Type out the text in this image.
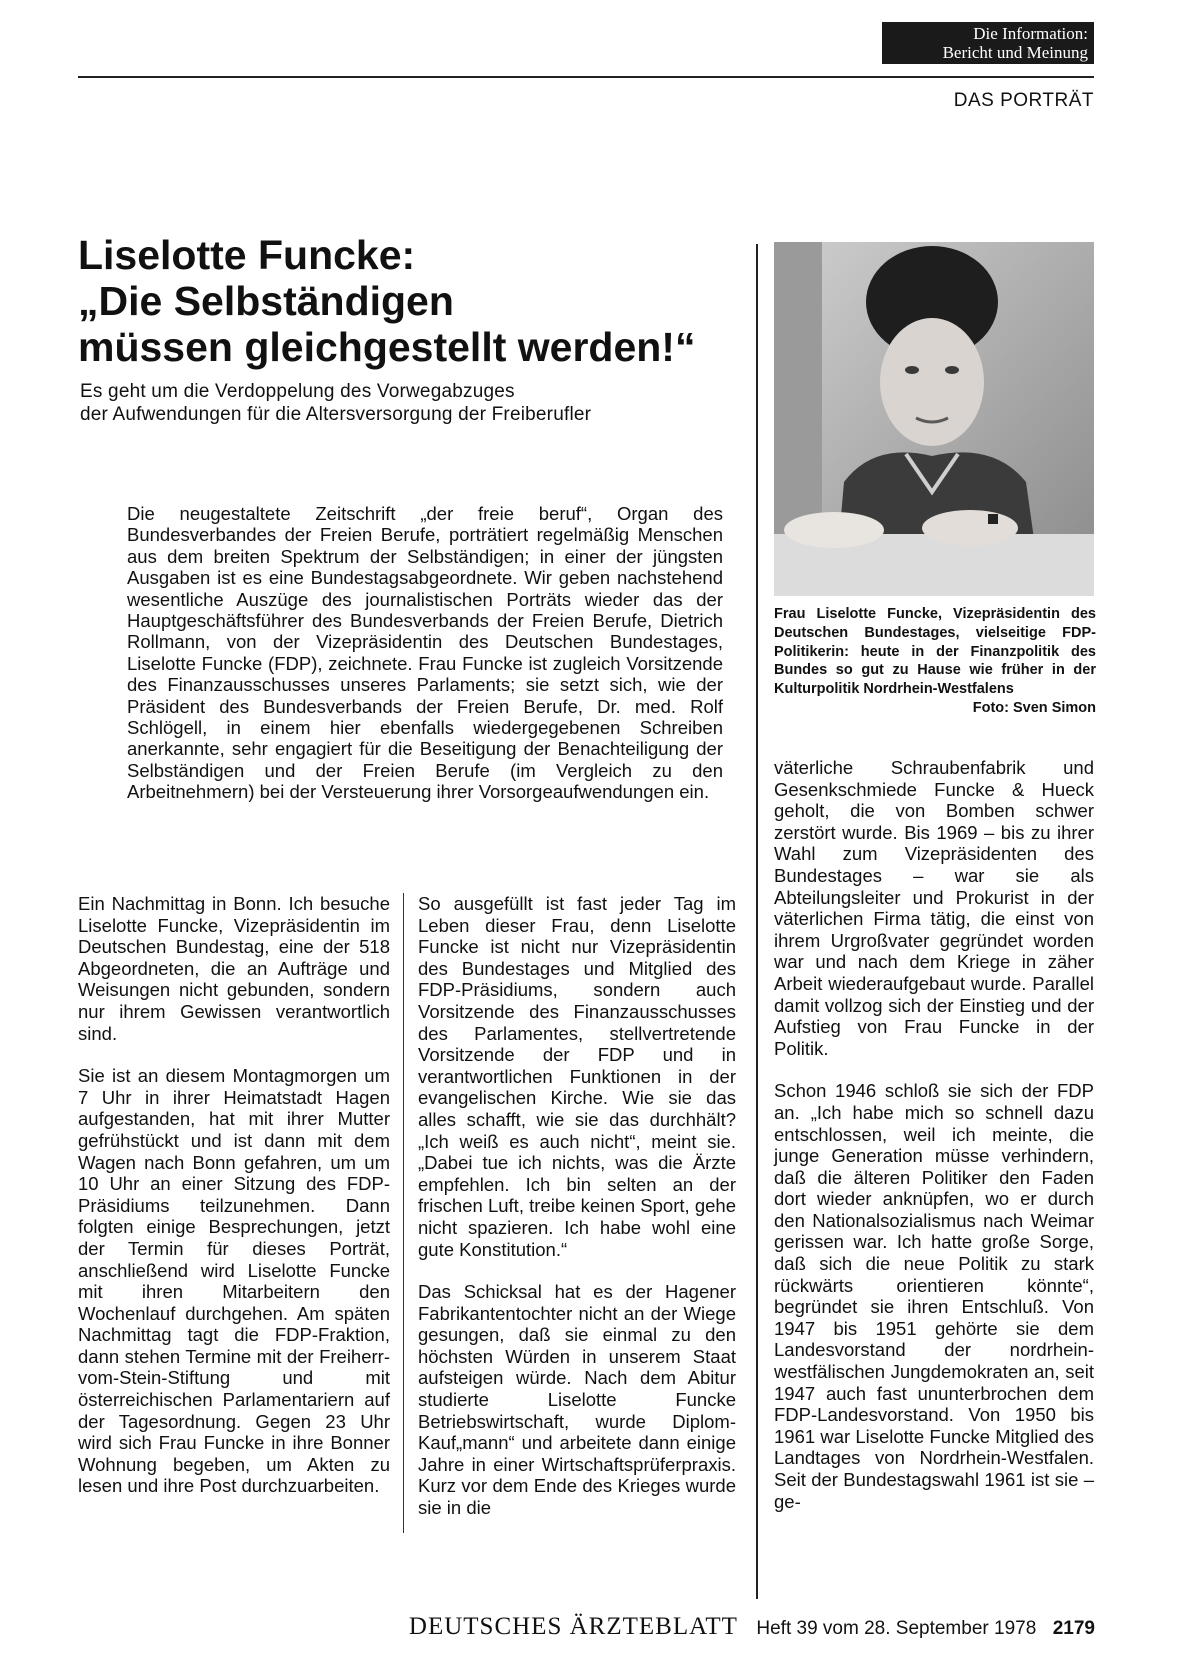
Die Information:
Bericht und Meinung
DAS PORTRÄT
Liselotte Funcke:
„Die Selbständigen
müssen gleichgestellt werden!“
Es geht um die Verdoppelung des Vorwegabzuges
der Aufwendungen für die Altersversorgung der Freiberufler
Die neugestaltete Zeitschrift „der freie beruf“, Organ des Bundesverbandes der Freien Berufe, porträtiert regelmäßig Menschen aus dem breiten Spektrum der Selbständigen; in einer der jüngsten Ausgaben ist es eine Bundestagsabgeordnete. Wir geben nachstehend wesentliche Auszüge des journalistischen Porträts wieder das der Hauptgeschäftsführer des Bundesverbands der Freien Berufe, Dietrich Rollmann, von der Vizepräsidentin des Deutschen Bundestages, Liselotte Funcke (FDP), zeichnete. Frau Funcke ist zugleich Vorsitzende des Finanzausschusses unseres Parlaments; sie setzt sich, wie der Präsident des Bundesverbands der Freien Berufe, Dr. med. Rolf Schlögell, in einem hier ebenfalls wiedergegebenen Schreiben anerkannte, sehr engagiert für die Beseitigung der Benachteiligung der Selbständigen und der Freien Berufe (im Vergleich zu den Arbeitnehmern) bei der Versteuerung ihrer Vorsorgeaufwendungen ein.
Frau Liselotte Funcke, Vizepräsidentin des Deutschen Bundestages, vielseitige FDP-Politikerin: heute in der Finanzpolitik des Bundes so gut zu Hause wie früher in der Kulturpolitik Nordrhein-Westfalens
Foto: Sven Simon

Ein Nachmittag in Bonn. Ich besuche Liselotte Funcke, Vizepräsidentin im Deutschen Bundestag, eine der 518 Abgeordneten, die an Aufträge und Weisungen nicht gebunden, sondern nur ihrem Gewissen verantwortlich sind.

Sie ist an diesem Montagmorgen um 7 Uhr in ihrer Heimatstadt Hagen aufgestanden, hat mit ihrer Mutter gefrühstückt und ist dann mit dem Wagen nach Bonn gefahren, um um 10 Uhr an einer Sitzung des FDP-Präsidiums teilzunehmen. Dann folgten einige Besprechungen, jetzt der Termin für dieses Porträt, anschließend wird Liselotte Funcke mit ihren Mitarbeitern den Wochenlauf durchgehen. Am späten Nachmittag tagt die FDP-Fraktion, dann stehen Termine mit der Freiherr-vom-Stein-Stiftung und mit österreichischen Parlamentariern auf der Tagesordnung. Gegen 23 Uhr wird sich Frau Funcke in ihre Bonner Wohnung begeben, um Akten zu lesen und ihre Post durchzuarbeiten.

So ausgefüllt ist fast jeder Tag im Leben dieser Frau, denn Liselotte Funcke ist nicht nur Vizepräsidentin des Bundestages und Mitglied des FDP-Präsidiums, sondern auch Vorsitzende des Finanzausschusses des Parlamentes, stellvertretende Vorsitzende der FDP und in verantwortlichen Funktionen in der evangelischen Kirche. Wie sie das alles schafft, wie sie das durchhält? „Ich weiß es auch nicht“, meint sie. „Dabei tue ich nichts, was die Ärzte empfehlen. Ich bin selten an der frischen Luft, treibe keinen Sport, gehe nicht spazieren. Ich habe wohl eine gute Konstitution.“

Das Schicksal hat es der Hagener Fabrikantentochter nicht an der Wiege gesungen, daß sie einmal zu den höchsten Würden in unserem Staat aufsteigen würde. Nach dem Abitur studierte Liselotte Funcke Betriebswirtschaft, wurde Diplom-Kauf„mann“ und arbeitete dann einige Jahre in einer Wirtschaftsprüferpraxis. Kurz vor dem Ende des Krieges wurde sie in die

väterliche Schraubenfabrik und Gesenkschmiede Funcke & Hueck geholt, die von Bomben schwer zerstört wurde. Bis 1969 – bis zu ihrer Wahl zum Vizepräsidenten des Bundestages – war sie als Abteilungsleiter und Prokurist in der väterlichen Firma tätig, die einst von ihrem Urgroßvater gegründet worden war und nach dem Kriege in zäher Arbeit wiederaufgebaut wurde. Parallel damit vollzog sich der Einstieg und der Aufstieg von Frau Funcke in der Politik.

Schon 1946 schloß sie sich der FDP an. „Ich habe mich so schnell dazu entschlossen, weil ich meinte, die junge Generation müsse verhindern, daß die älteren Politiker den Faden dort wieder anknüpfen, wo er durch den Nationalsozialismus nach Weimar gerissen war. Ich hatte große Sorge, daß sich die neue Politik zu stark rückwärts orientieren könnte“, begründet sie ihren Entschluß. Von 1947 bis 1951 gehörte sie dem Landesvorstand der nordrhein-westfälischen Jungdemokraten an, seit 1947 auch fast ununterbrochen dem FDP-Landesvorstand. Von 1950 bis 1961 war Liselotte Funcke Mitglied des Landtages von Nordrhein-Westfalen. Seit der Bundestagswahl 1961 ist sie – ge-

DEUTSCHES ÄRZTEBLATT Heft 39 vom 28. September 1978 2179
